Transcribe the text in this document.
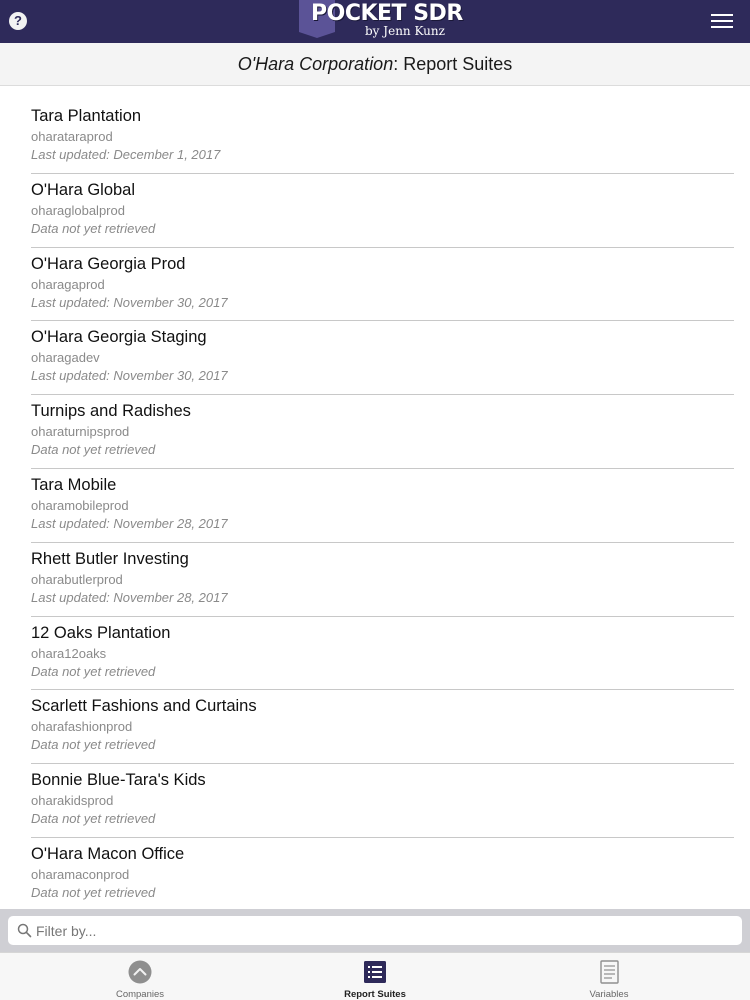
?	POCKET SDR
by Jenn Kunz
O'Hara Corporation: Report Suites
Tara Plantation
oharataraprod
Last updated: December 1, 2017
O'Hara Global
oharaglobalprod
Data not yet retrieved
O'Hara Georgia Prod
oharagaprod
Last updated: November 30, 2017
O'Hara Georgia Staging
oharagadev
Last updated: November 30, 2017
Turnips and Radishes
oharaturnipsprod
Data not yet retrieved
Tara Mobile
oharamobileprod
Last updated: November 28, 2017
Rhett Butler Investing
oharabutlerprod
Last updated: November 28, 2017
12 Oaks Plantation
ohara12oaks
Data not yet retrieved
Scarlett Fashions and Curtains
oharafashionprod
Data not yet retrieved
Bonnie Blue-Tara's Kids
oharakidsprod
Data not yet retrieved
O'Hara Macon Office
oharamaconprod
Data not yet retrieved
Filter by...
Companies	Report Suites	Variables
